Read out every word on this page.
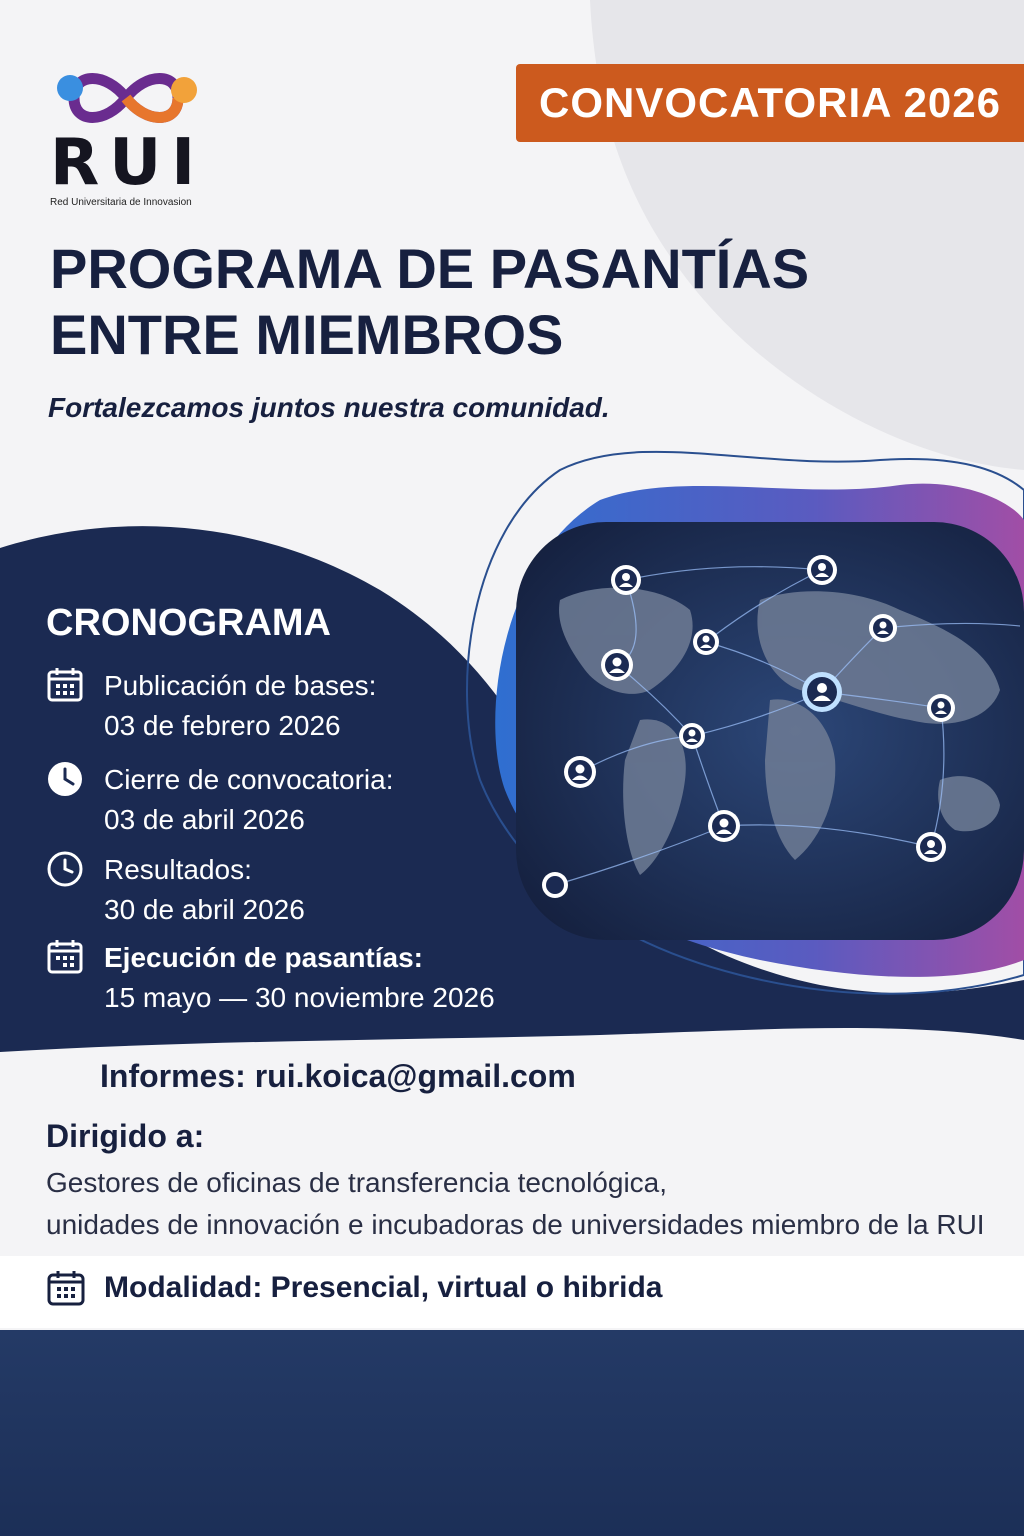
RUI
Red Universitaria de Innovasion
CONVOCATORIA 2026
PROGRAMA DE PASANTÍAS
ENTRE MIEMBROS
Fortalezcamos juntos nuestra comunidad.
CRONOGRAMA
Publicación de bases:
03 de febrero 2026
Cierre de convocatoria:
03 de abril 2026
Resultados:
30 de abril 2026
Ejecución de pasantías:
15 mayo — 30 noviembre 2026
Informes: rui.koica@gmail.com
Dirigido a:
Gestores de oficinas de transferencia tecnológica,
unidades de innovación e incubadoras de universidades miembro de la RUI
Modalidad: Presencial, virtual o hibrida
